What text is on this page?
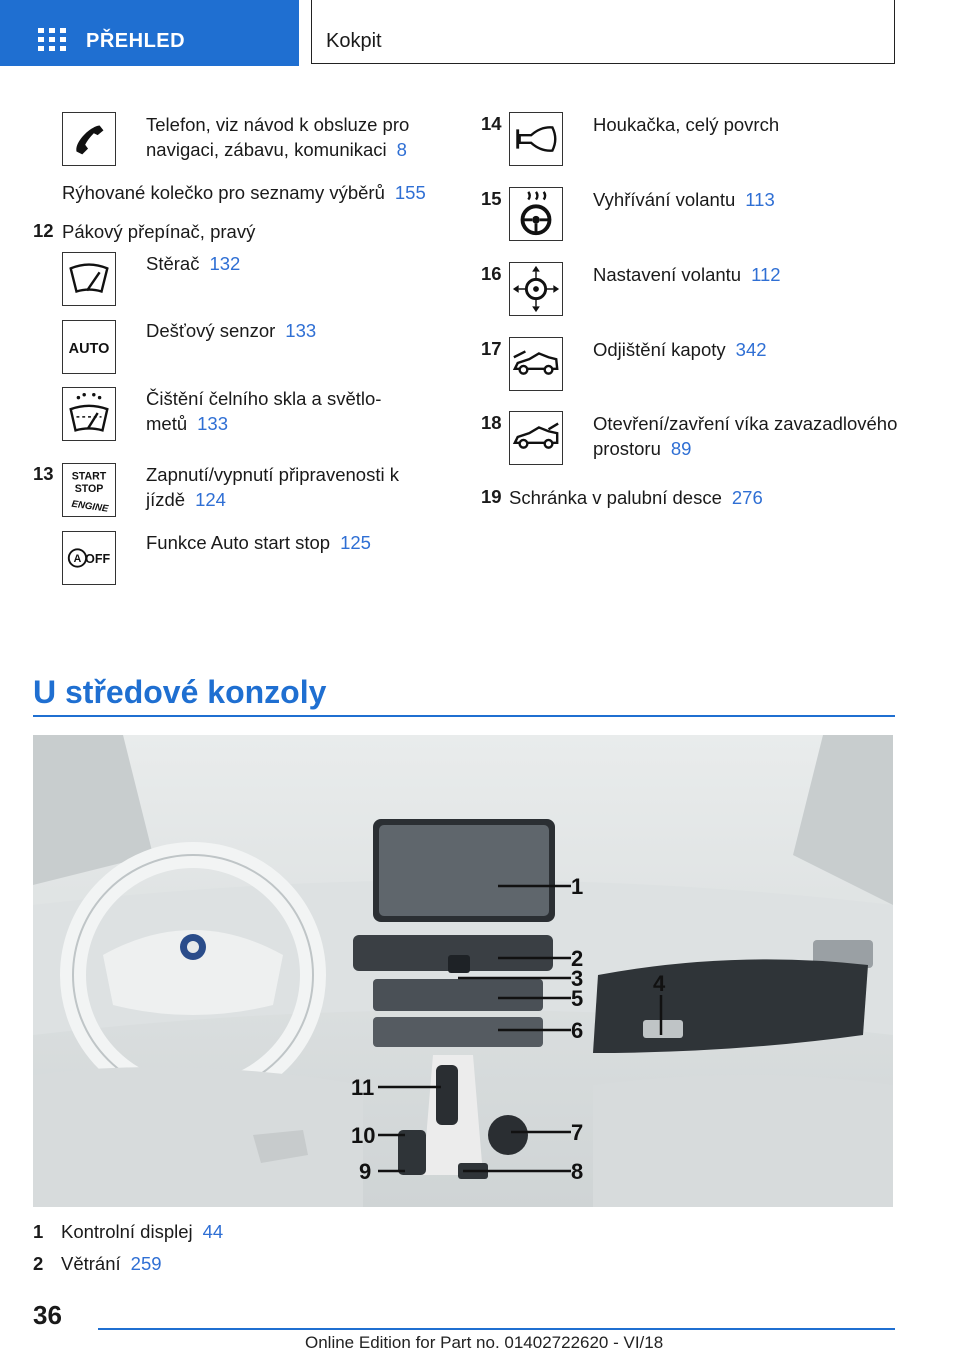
PŘEHLED	Kokpit
Telefon, viz návod k obsluze pro
navigaci, zábavu, komunikaci 8
Rýhované kolečko pro seznamy výběrů 155
12 Pákový přepínač, pravý
Stěrač 132
AUTO
Dešťový senzor 133
Čištění čelního skla a světlo-
metů 133
13 START
STOP
ENGINE
Zapnutí/vypnutí připravenosti k
jízdě 124
A OFF
Funkce Auto start stop 125
14	Houkačka, celý povrch
15	Vyhřívání volantu 113
16	Nastavení volantu 112
17	Odjištění kapoty 342
18	Otevření/zavření víka zavazadlového
prostoru 89
19 Schránka v palubní desce 276
U středové konzoly
1
2
3	4
5
6
7
8
9
10
11
1 Kontrolní displej 44
2 Větrání 259
36
Online Edition for Part no. 01402722620 - VI/18
